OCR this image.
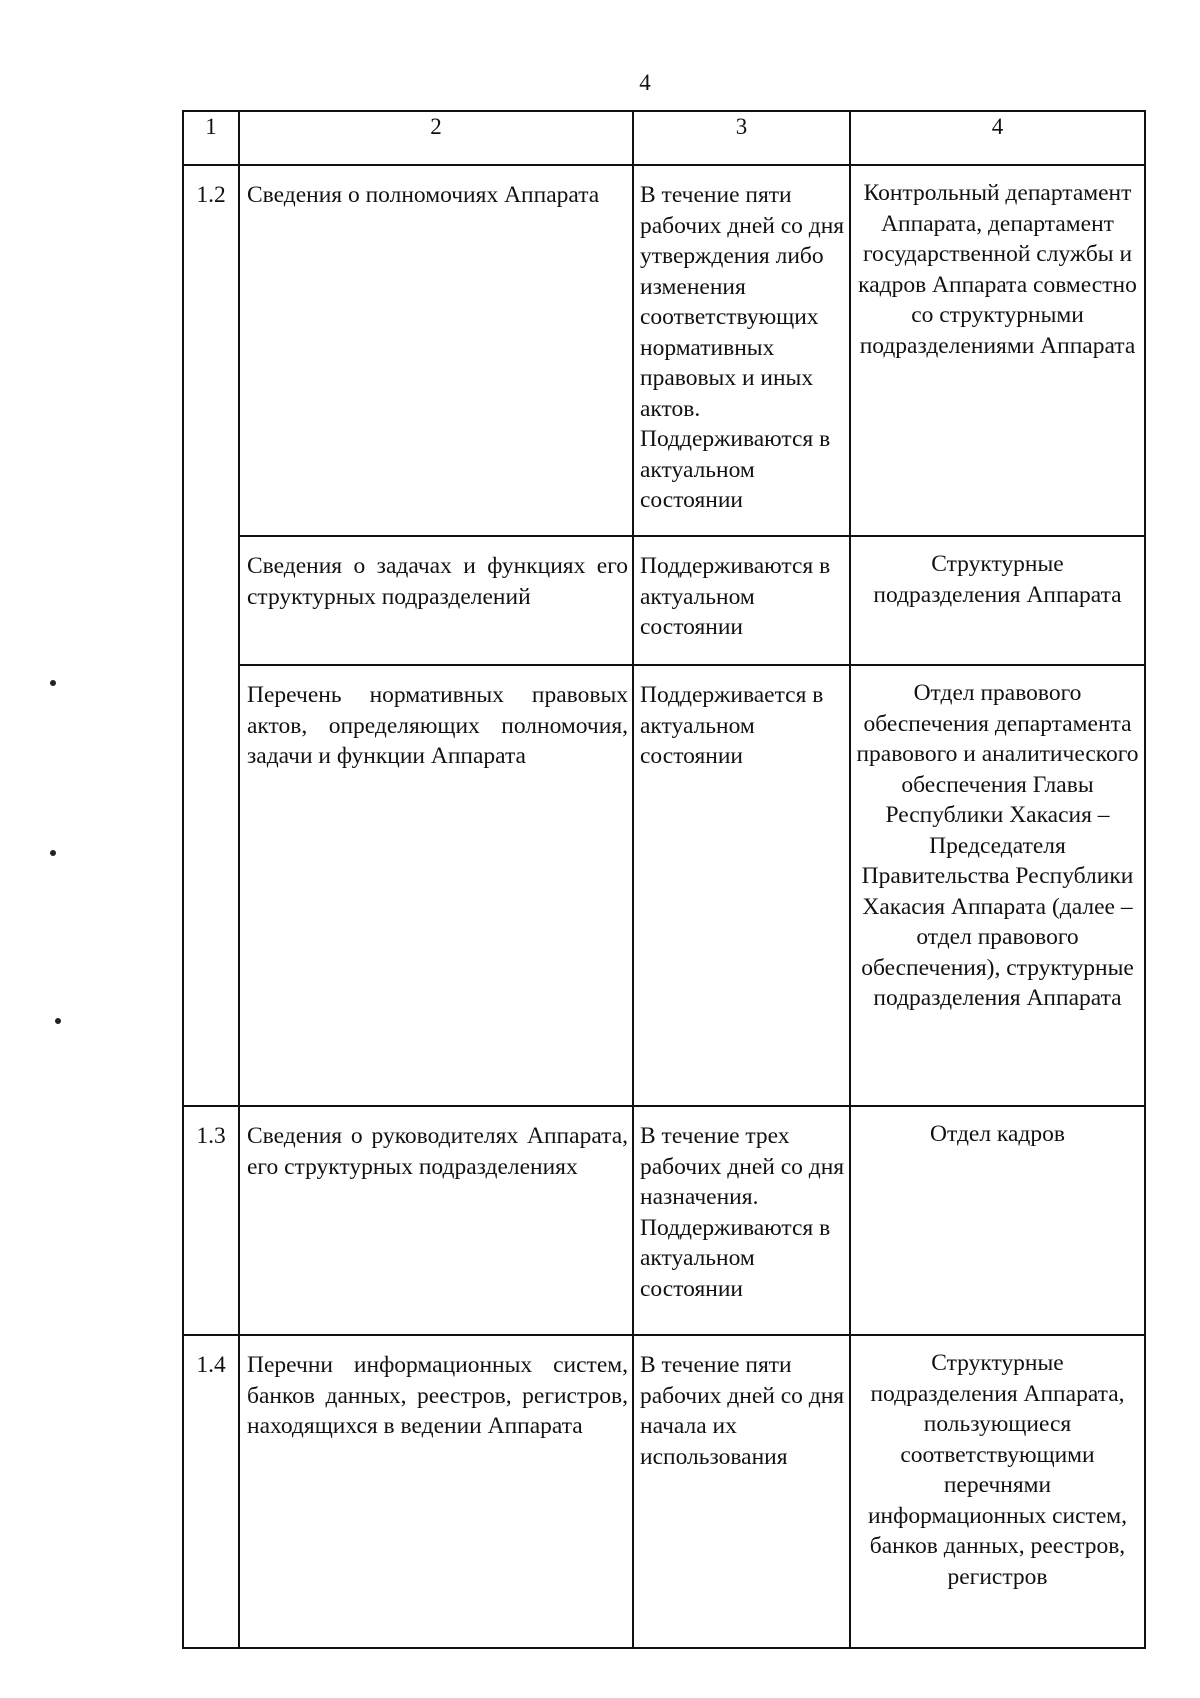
4
1	2	3	4
1.2	Сведения о полномочиях Аппарата	В течение пяти рабочих дней со дня утверждения либо изменения соответствующих нормативных правовых и иных актов. Поддерживаются в актуальном состоянии	Контрольный департамент Аппарата, департамент государственной службы и кадров Аппарата совместно со структурными подразделениями Аппарата
	Сведения о задачах и функциях его структурных подразделений	Поддерживаются в актуальном состоянии	Структурные подразделения Аппарата
	Перечень нормативных правовых актов, определяющих полномочия, задачи и функции Аппарата	Поддерживается в актуальном состоянии	Отдел правового обеспечения департамента правового и аналитического обеспечения Главы Республики Хакасия – Председателя Правительства Республики Хакасия Аппарата (далее – отдел правового обеспечения), структурные подразделения Аппарата
1.3	Сведения о руководителях Аппарата, его структурных подразделениях	В течение трех рабочих дней со дня назначения. Поддерживаются в актуальном состоянии	Отдел кадров
1.4	Перечни информационных систем, банков данных, реестров, регистров, находящихся в ведении Аппарата	В течение пяти рабочих дней со дня начала их использования	Структурные подразделения Аппарата, пользующиеся соответствующими перечнями информационных систем, банков данных, реестров, регистров
